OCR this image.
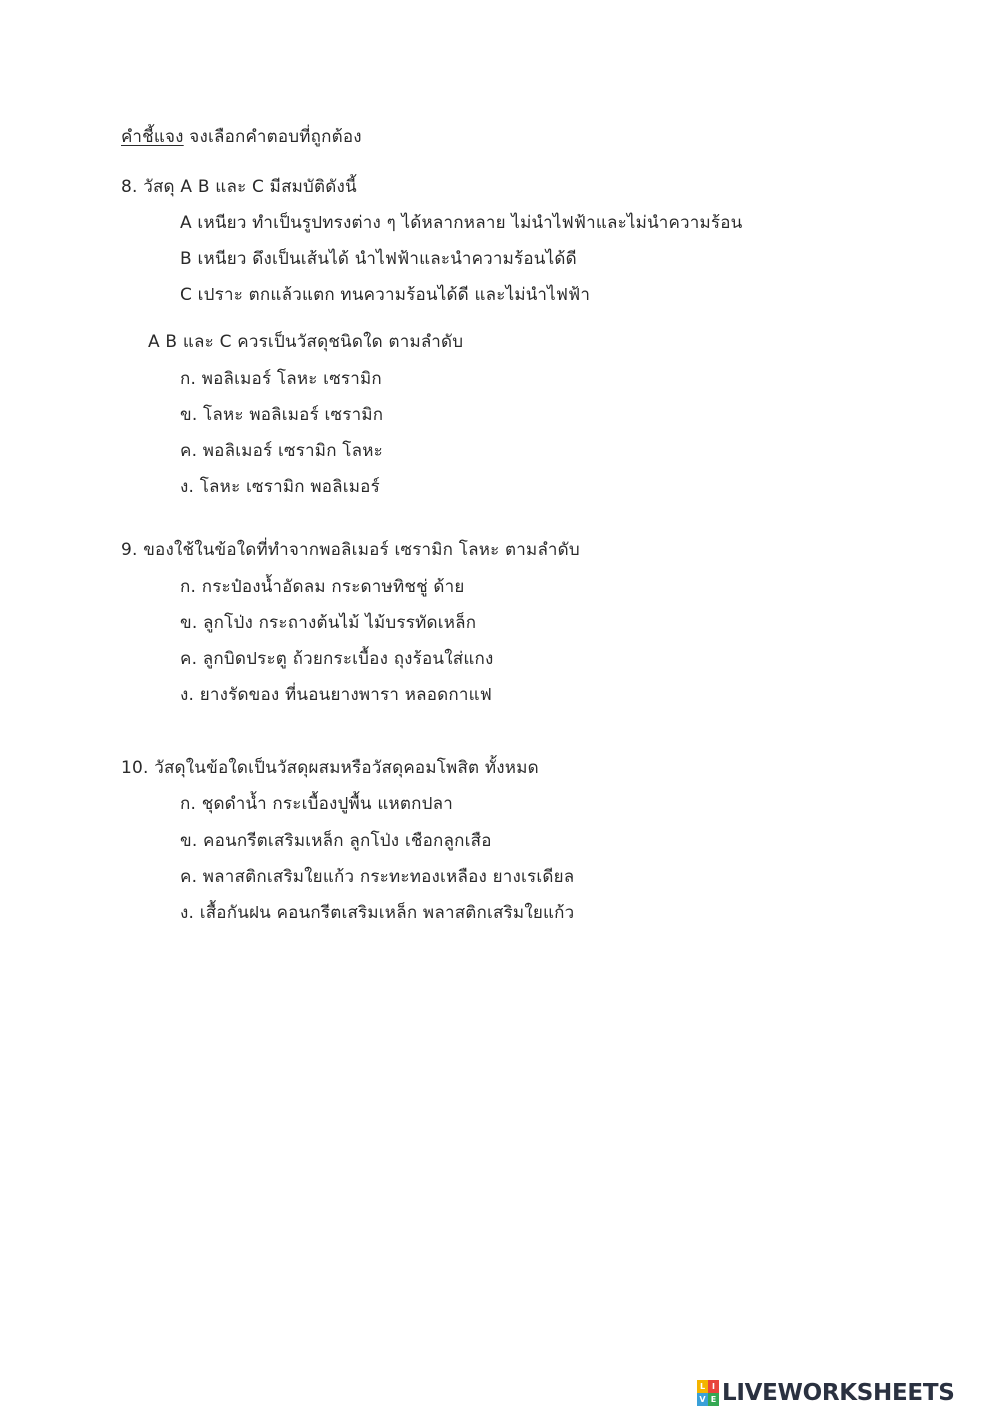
คำชี้แจง จงเลือกคำตอบที่ถูกต้อง
8. วัสดุ A B และ C มีสมบัติดังนี้
A เหนียว ทำเป็นรูปทรงต่าง ๆ ได้หลากหลาย ไม่นำไฟฟ้าและไม่นำความร้อน
B เหนียว ดึงเป็นเส้นได้ นำไฟฟ้าและนำความร้อนได้ดี
C เปราะ ตกแล้วแตก ทนความร้อนได้ดี และไม่นำไฟฟ้า
A B และ C ควรเป็นวัสดุชนิดใด ตามลำดับ
ก. พอลิเมอร์ โลหะ เซรามิก
ข. โลหะ พอลิเมอร์ เซรามิก
ค. พอลิเมอร์ เซรามิก โลหะ
ง. โลหะ เซรามิก พอลิเมอร์
9. ของใช้ในข้อใดที่ทำจากพอลิเมอร์ เซรามิก โลหะ ตามลำดับ
ก. กระป๋องน้ำอัดลม กระดาษทิชชู่ ด้าย
ข. ลูกโป่ง กระถางต้นไม้ ไม้บรรทัดเหล็ก
ค. ลูกบิดประตู ถ้วยกระเบื้อง ถุงร้อนใส่แกง
ง. ยางรัดของ ที่นอนยางพารา หลอดกาแฟ
10. วัสดุในข้อใดเป็นวัสดุผสมหรือวัสดุคอมโพสิต ทั้งหมด
ก. ชุดดำน้ำ กระเบื้องปูพื้น แหตกปลา
ข. คอนกรีตเสริมเหล็ก ลูกโป่ง เชือกลูกเสือ
ค. พลาสติกเสริมใยแก้ว กระทะทองเหลือง ยางเรเดียล
ง. เสื้อกันฝน คอนกรีตเสริมเหล็ก พลาสติกเสริมใยแก้ว
L I
V E LIVEWORKSHEETS
